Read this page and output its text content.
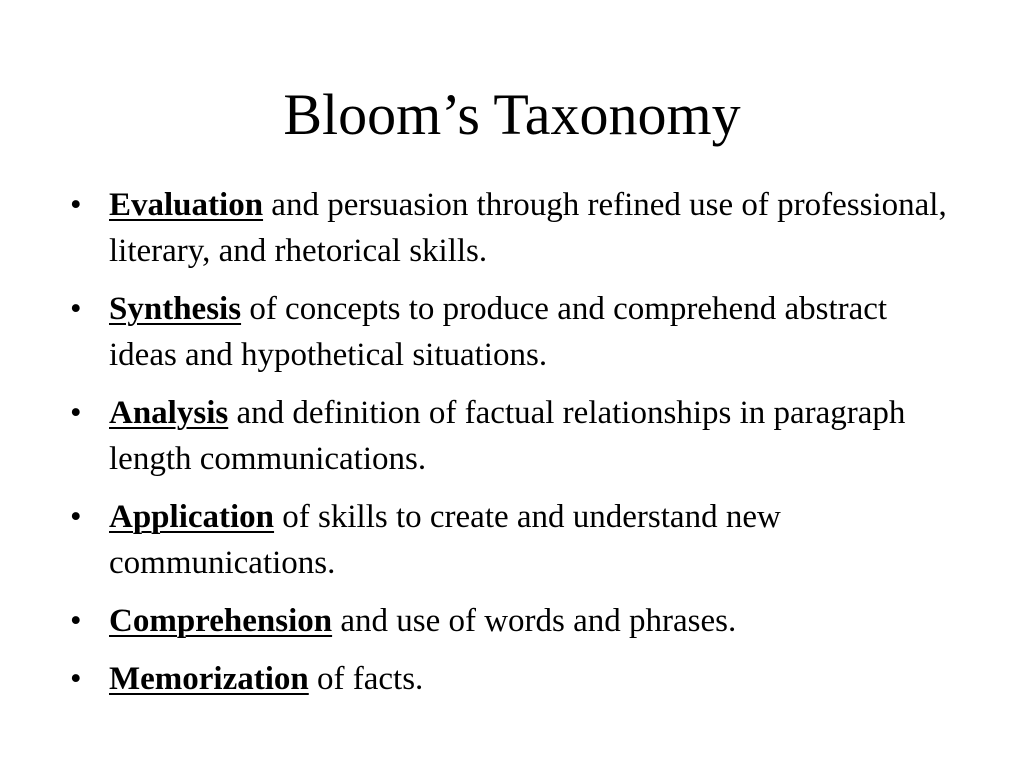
Bloom’s Taxonomy
• Evaluation and persuasion through refined use of professional, literary, and rhetorical skills.
• Synthesis of concepts to produce and comprehend abstract ideas and hypothetical situations.
• Analysis and definition of factual relationships in paragraph length communications.
• Application of skills to create and understand new communications.
• Comprehension and use of words and phrases.
• Memorization of facts.
